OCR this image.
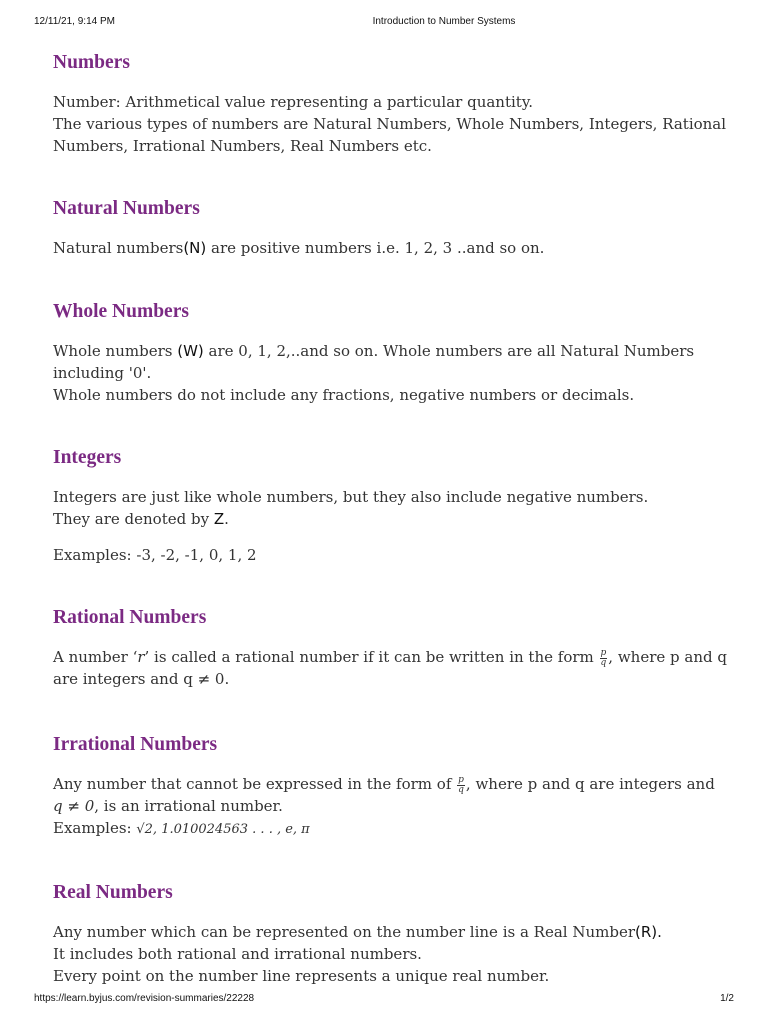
12/11/21, 9:14 PM	Introduction to Number Systems
Numbers

Number: Arithmetical value representing a particular quantity.

The various types of numbers are Natural Numbers, Whole Numbers, Integers, Rational Numbers, Irrational Numbers, Real Numbers etc.

Natural Numbers

Natural numbers(N) are positive numbers i.e. 1, 2, 3 ..and so on.

Whole Numbers

Whole numbers (W) are 0, 1, 2,..and so on. Whole numbers are all Natural Numbers including '0'.

Whole numbers do not include any fractions, negative numbers or decimals.

Integers

Integers are just like whole numbers, but they also include negative numbers.

They are denoted by Z.

Examples: -3, -2, -1, 0, 1, 2

Rational Numbers

A number ‘r’ is called a rational number if it can be written in the form $\frac{p}{q}$ , where p and q are integers and q ≠ 0.

Irrational Numbers

Any number that cannot be expressed in the form of $\frac{p}{q}$ , where p and q are integers and q ≠ 0, is an irrational number.

Examples: √2, 1.010024563 . . . , e, π

Real Numbers

Any number which can be represented on the number line is a Real Number(R).

It includes both rational and irrational numbers.

Every point on the number line represents a unique real number.

https://learn.byjus.com/revision-summaries/22228	1/2
